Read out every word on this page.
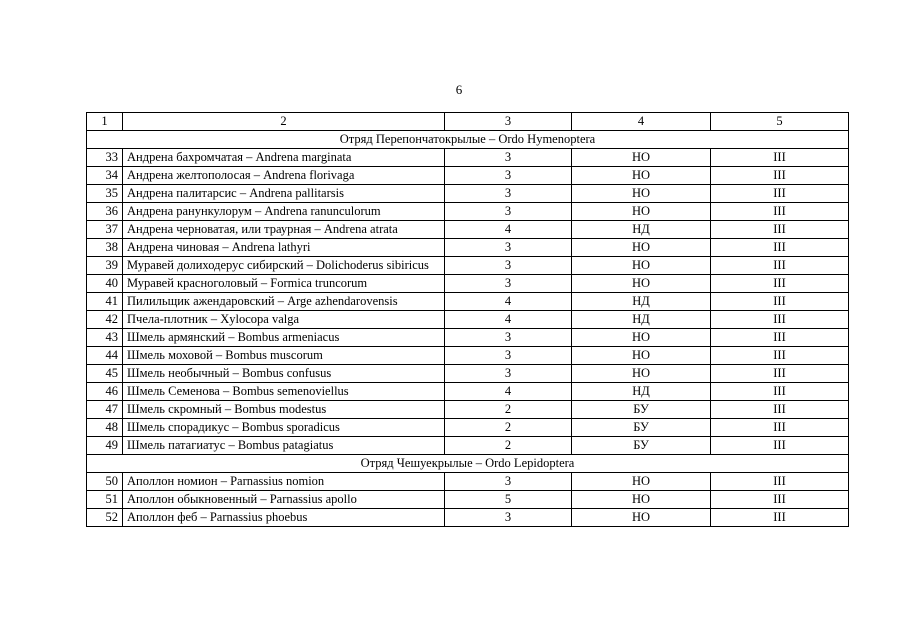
6
1	2	3	4	5
Отряд Перепончатокрылые – Ordo Hymenoptera				
33	Андрена бахромчатая – Andrena marginata	3	НО	III
34	Андрена желтополосая – Andrena florivaga	3	НО	III
35	Андрена палитарсис – Andrena pallitarsis	3	НО	III
36	Андрена ранункулорум – Andrena ranunculorum	3	НО	III
37	Андрена черноватая, или траурная – Andrena atrata	4	НД	III
38	Андрена чиновая – Andrena lathyri	3	НО	III
39	Муравей долиходерус сибирский – Dolichoderus sibiricus	3	НО	III
40	Муравей красноголовый – Formica truncorum	3	НО	III
41	Пилильщик ажендаровский – Arge azhendarovensis	4	НД	III
42	Пчела-плотник – Xylocopa valga	4	НД	III
43	Шмель армянский – Bombus armeniacus	3	НО	III
44	Шмель моховой – Bombus muscorum	3	НО	III
45	Шмель необычный – Bombus confusus	3	НО	III
46	Шмель Семенова – Bombus semenoviellus	4	НД	III
47	Шмель скромный – Bombus modestus	2	БУ	III
48	Шмель спорадикус – Bombus sporadicus	2	БУ	III
49	Шмель патагиатус – Bombus patagiatus	2	БУ	III
Отряд Чешуекрылые – Ordo Lepidoptera				
50	Аполлон номион – Parnassius nomion	3	НО	III
51	Аполлон обыкновенный – Parnassius apollo	5	НО	III
52	Аполлон феб – Parnassius phoebus	3	НО	III
